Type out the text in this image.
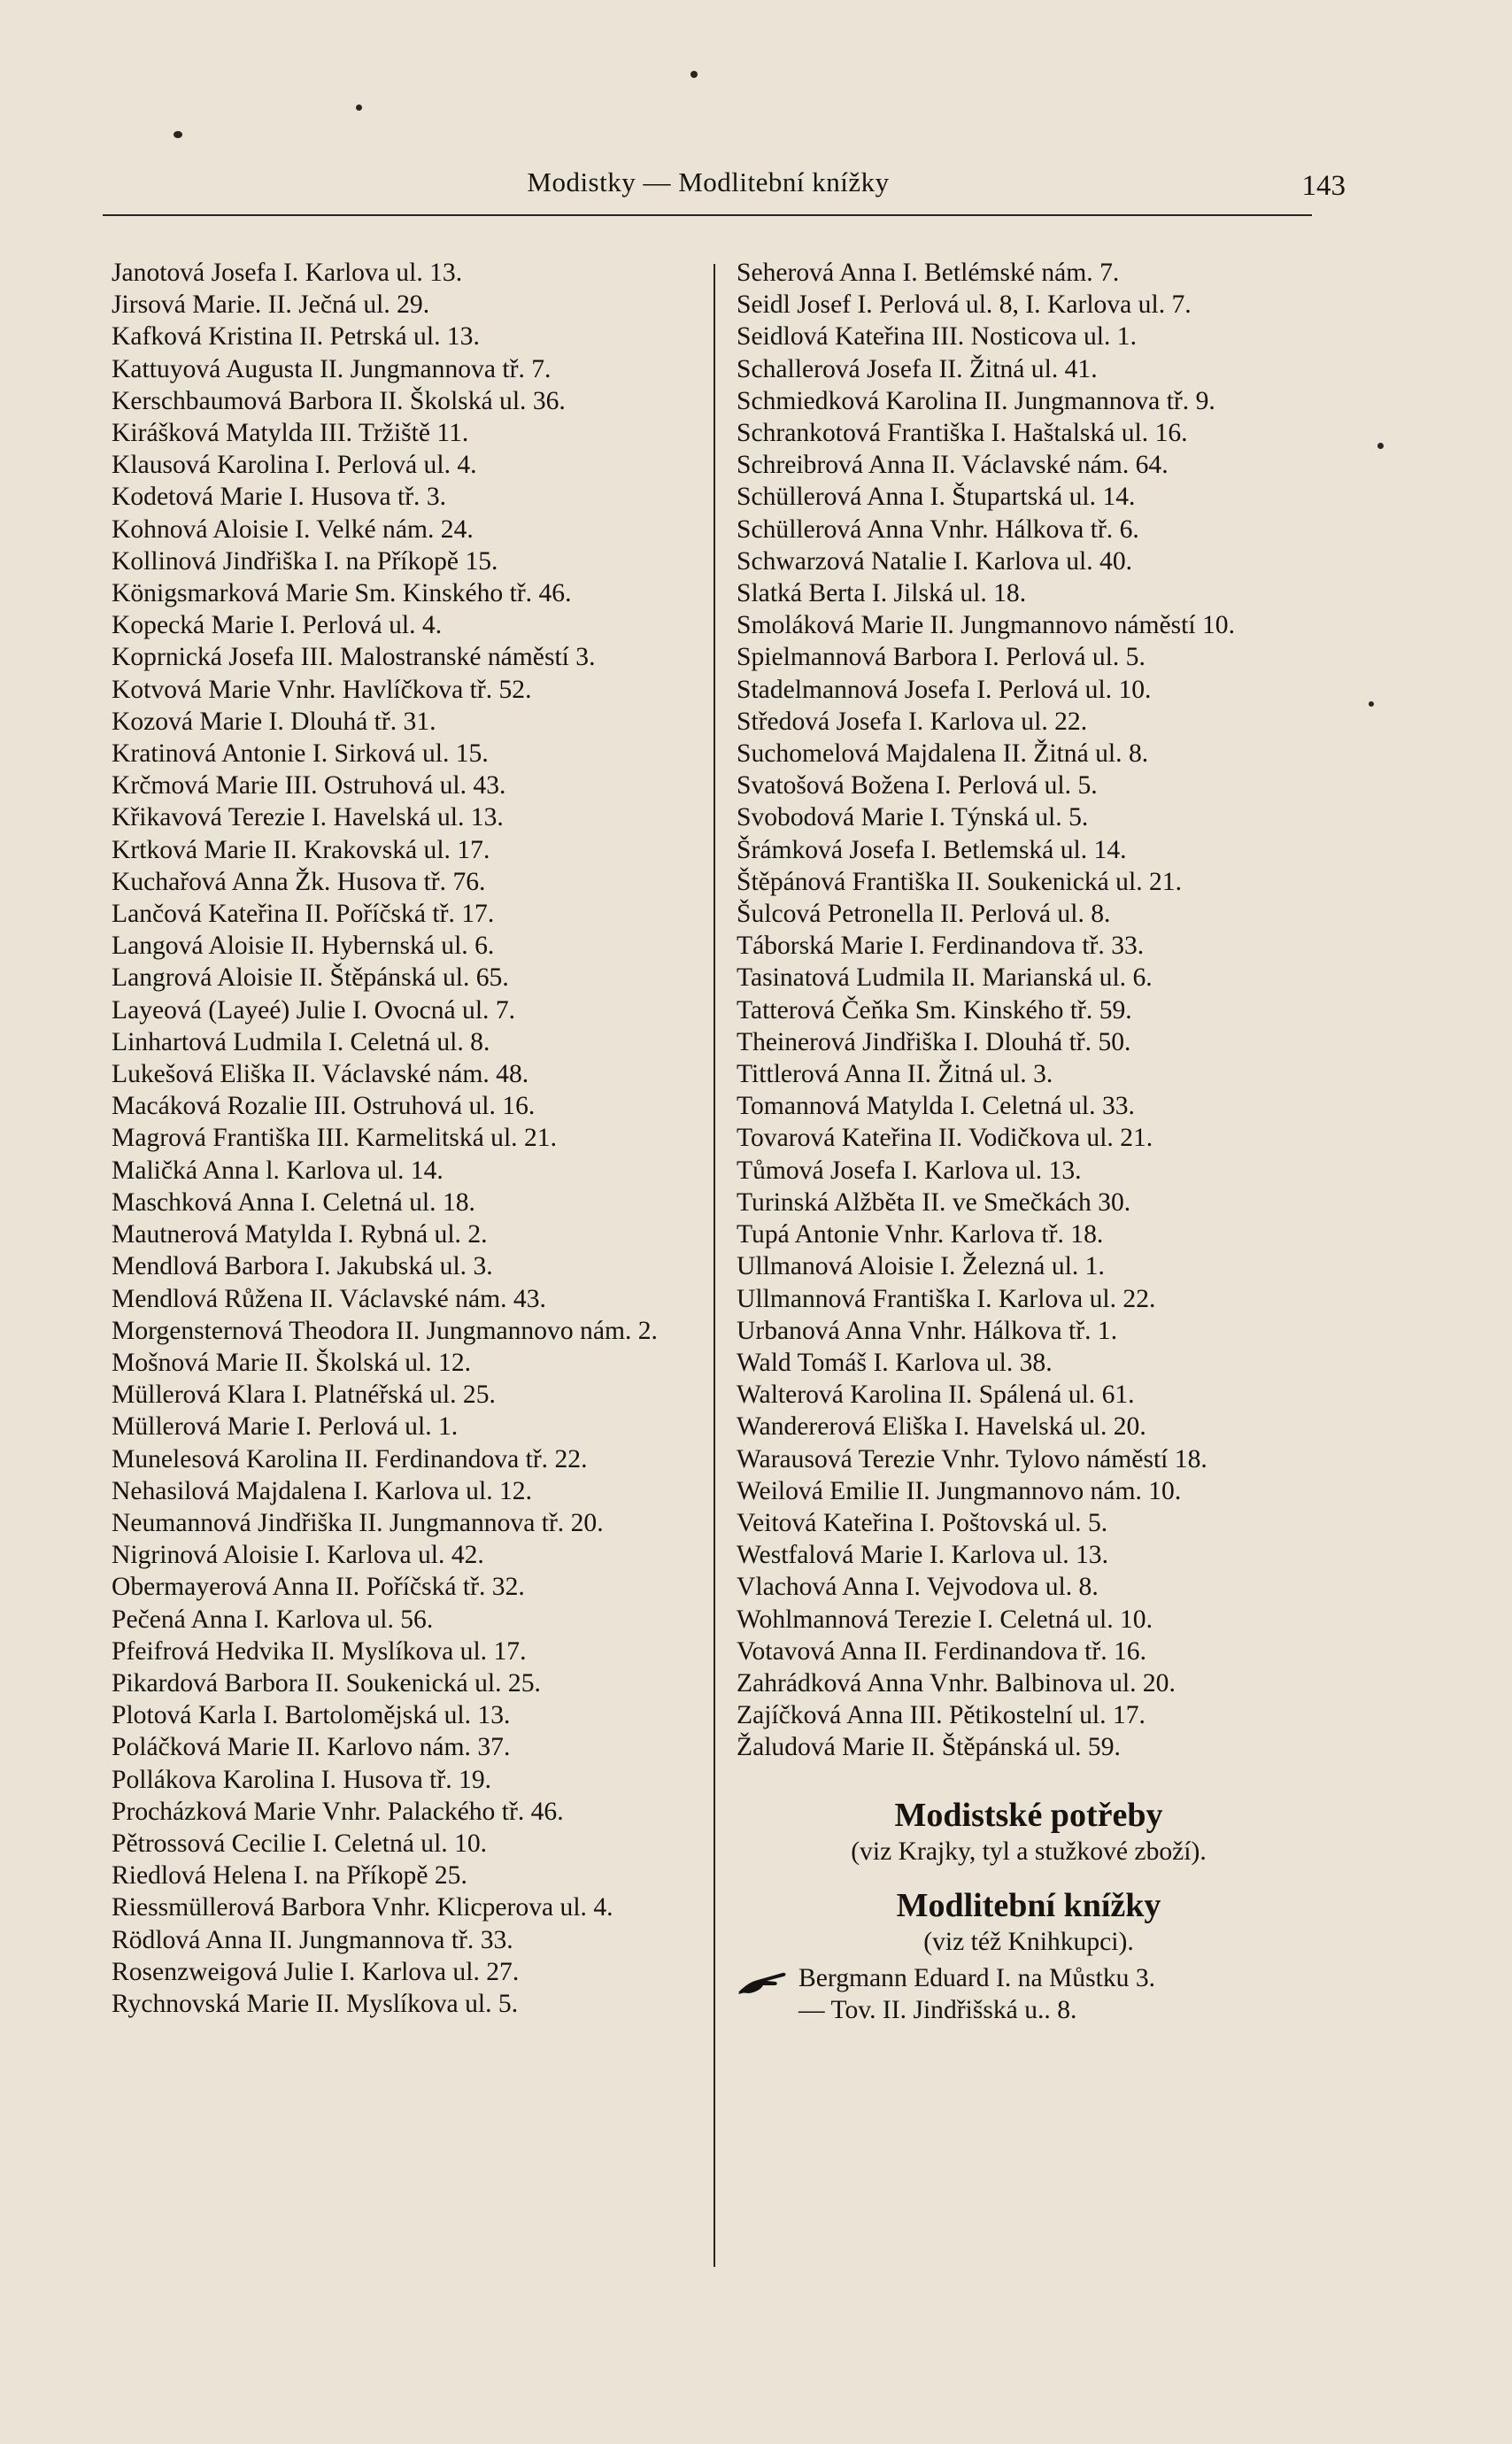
Modistky — Modlitební knížky	143

Janotová Josefa I. Karlova ul. 13.

Jirsová Marie. II. Ječná ul. 29.

Kafková Kristina II. Petrská ul. 13.

Kattuyová Augusta II. Jungmannova tř. 7.

Kerschbaumová Barbora II. Školská ul. 36.

Kirášková Matylda III. Tržiště 11.

Klausová Karolina I. Perlová ul. 4.

Kodetová Marie I. Husova tř. 3.

Kohnová Aloisie I. Velké nám. 24.

Kollinová Jindřiška I. na Příkopě 15.

Königsmarková Marie Sm. Kinského tř. 46.

Kopecká Marie I. Perlová ul. 4.

Koprnická Josefa III. Malostranské náměstí 3.

Kotvová Marie Vnhr. Havlíčkova tř. 52.

Kozová Marie I. Dlouhá tř. 31.

Kratinová Antonie I. Sirková ul. 15.

Krčmová Marie III. Ostruhová ul. 43.

Křikavová Terezie I. Havelská ul. 13.

Krtková Marie II. Krakovská ul. 17.

Kuchařová Anna Žk. Husova tř. 76.

Lančová Kateřina II. Poříčská tř. 17.

Langová Aloisie II. Hybernská ul. 6.

Langrová Aloisie II. Štěpánská ul. 65.

Layeová (Layeé) Julie I. Ovocná ul. 7.

Linhartová Ludmila I. Celetná ul. 8.

Lukešová Eliška II. Václavské nám. 48.

Macáková Rozalie III. Ostruhová ul. 16.

Magrová Františka III. Karmelitská ul. 21.

Maličká Anna l. Karlova ul. 14.

Maschková Anna I. Celetná ul. 18.

Mautnerová Matylda I. Rybná ul. 2.

Mendlová Barbora I. Jakubská ul. 3.

Mendlová Růžena II. Václavské nám. 43.

Morgensternová Theodora II. Jungmannovo nám. 2.

Mošnová Marie II. Školská ul. 12.

Müllerová Klara I. Platnéřská ul. 25.

Müllerová Marie I. Perlová ul. 1.

Munelesová Karolina II. Ferdinandova tř. 22.

Nehasilová Majdalena I. Karlova ul. 12.

Neumannová Jindřiška II. Jungmannova tř. 20.

Nigrinová Aloisie I. Karlova ul. 42.

Obermayerová Anna II. Poříčská tř. 32.

Pečená Anna I. Karlova ul. 56.

Pfeifrová Hedvika II. Myslíkova ul. 17.

Pikardová Barbora II. Soukenická ul. 25.

Plotová Karla I. Bartolomějská ul. 13.

Poláčková Marie II. Karlovo nám. 37.

Pollákova Karolina I. Husova tř. 19.

Procházková Marie Vnhr. Palackého tř. 46.

Pětrossová Cecilie I. Celetná ul. 10.

Riedlová Helena I. na Příkopě 25.

Riessmüllerová Barbora Vnhr. Klicperova ul. 4.

Rödlová Anna II. Jungmannova tř. 33.

Rosenzweigová Julie I. Karlova ul. 27.

Rychnovská Marie II. Myslíkova ul. 5.

Seherová Anna I. Betlémské nám. 7.

Seidl Josef I. Perlová ul. 8, I. Karlova ul. 7.

Seidlová Kateřina III. Nosticova ul. 1.

Schallerová Josefa II. Žitná ul. 41.

Schmiedková Karolina II. Jungmannova tř. 9.

Schrankotová Františka I. Haštalská ul. 16.

Schreibrová Anna II. Václavské nám. 64.

Schüllerová Anna I. Štupartská ul. 14.

Schüllerová Anna Vnhr. Hálkova tř. 6.

Schwarzová Natalie I. Karlova ul. 40.

Slatká Berta I. Jilská ul. 18.

Smoláková Marie II. Jungmannovo náměstí 10.

Spielmannová Barbora I. Perlová ul. 5.

Stadelmannová Josefa I. Perlová ul. 10.

Středová Josefa I. Karlova ul. 22.

Suchomelová Majdalena II. Žitná ul. 8.

Svatošová Božena I. Perlová ul. 5.

Svobodová Marie I. Týnská ul. 5.

Šrámková Josefa I. Betlemská ul. 14.

Štěpánová Františka II. Soukenická ul. 21.

Šulcová Petronella II. Perlová ul. 8.

Táborská Marie I. Ferdinandova tř. 33.

Tasinatová Ludmila II. Marianská ul. 6.

Tatterová Čeňka Sm. Kinského tř. 59.

Theinerová Jindřiška I. Dlouhá tř. 50.

Tittlerová Anna II. Žitná ul. 3.

Tomannová Matylda I. Celetná ul. 33.

Tovarová Kateřina II. Vodičkova ul. 21.

Tůmová Josefa I. Karlova ul. 13.

Turinská Alžběta II. ve Smečkách 30.

Tupá Antonie Vnhr. Karlova tř. 18.

Ullmanová Aloisie I. Železná ul. 1.

Ullmannová Františka I. Karlova ul. 22.

Urbanová Anna Vnhr. Hálkova tř. 1.

Wald Tomáš I. Karlova ul. 38.

Walterová Karolina II. Spálená ul. 61.

Wandererová Eliška I. Havelská ul. 20.

Warausová Terezie Vnhr. Tylovo náměstí 18.

Weilová Emilie II. Jungmannovo nám. 10.

Veitová Kateřina I. Poštovská ul. 5.

Westfalová Marie I. Karlova ul. 13.

Vlachová Anna I. Vejvodova ul. 8.

Wohlmannová Terezie I. Celetná ul. 10.

Votavová Anna II. Ferdinandova tř. 16.

Zahrádková Anna Vnhr. Balbinova ul. 20.

Zajíčková Anna III. Pětikostelní ul. 17.

Žaludová Marie II. Štěpánská ul. 59.

Modistské potřeby
(viz Krajky, tyl a stužkové zboží).
Modlitební knížky
(viz též Knihkupci).
Bergmann Eduard I. na Můstku 3.
— Tov. II. Jindřišská u.. 8.
